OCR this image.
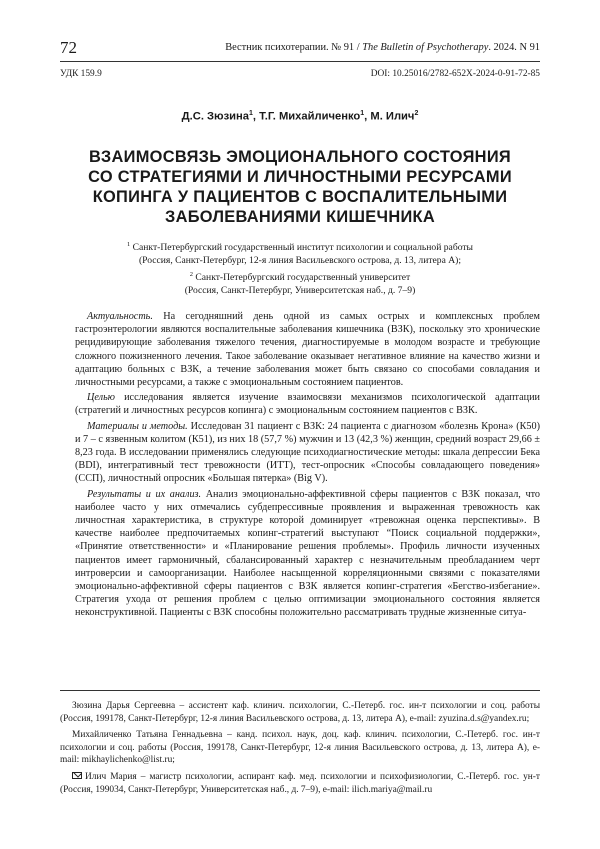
72	Вестник психотерапии. № 91 / The Bulletin of Psychotherapy. 2024. N 91
УДК 159.9	DOI: 10.25016/2782-652X-2024-0-91-72-85
Д.С. Зюзина$^1$, Т.Г. Михайличенко$^1$, М. Илич$^2$
ВЗАИМОСВЯЗЬ ЭМОЦИОНАЛЬНОГО СОСТОЯНИЯ
СО СТРАТЕГИЯМИ И ЛИЧНОСТНЫМИ РЕСУРСАМИ
КОПИНГА У ПАЦИЕНТОВ С ВОСПАЛИТЕЛЬНЫМИ
ЗАБОЛЕВАНИЯМИ КИШЕЧНИКА
$^1$ Санкт-Петербургский государственный институт психологии и социальной работы
(Россия, Санкт-Петербург, 12-я линия Васильевского острова, д. 13, литера А);
$^2$ Санкт-Петербургский государственный университет
(Россия, Санкт-Петербург, Университетская наб., д. 7–9)

Актуальность. На сегодняшний день одной из самых острых и комплексных проблем гастроэнтерологии являются воспалительные заболевания кишечника (ВЗК), поскольку это хронические рецидивирующие заболевания тяжелого течения, диагностируемые в молодом возрасте и требующие сложного пожизненного лечения. Такое заболевание оказывает негативное влияние на качество жизни и адаптацию больных с ВЗК, а течение заболевания может быть связано со способами совладания и личностными ресурсами, а также с эмоциональным состоянием пациентов.

Целью исследования является изучение взаимосвязи механизмов психологической адаптации (стратегий и личностных ресурсов копинга) с эмоциональным состоянием пациентов с ВЗК.

Материалы и методы. Исследован 31 пациент с ВЗК: 24 пациента с диагнозом «болезнь Крона» (К50) и 7 – с язвенным колитом (К51), из них 18 (57,7 %) мужчин и 13 (42,3 %) женщин, средний возраст 29,66 ± 8,23 года. В исследовании применялись следующие психодиагностические методы: шкала депрессии Бека (BDI), интегративный тест тревожности (ИТТ), тест-опросник «Способы совладающего поведения» (ССП), личностный опросник «Большая пятерка» (Big V).

Результаты и их анализ. Анализ эмоционально-аффективной сферы пациентов с ВЗК показал, что наиболее часто у них отмечались субдепрессивные проявления и выраженная тревожность как личностная характеристика, в структуре которой доминирует «тревожная оценка перспективы». В качестве наиболее предпочитаемых копинг-стратегий выступают “Поиск социальной поддержки», «Принятие ответственности» и «Планирование решения проблемы». Профиль личности изученных пациентов имеет гармоничный, сбалансированный характер с незначительным преобладанием черт интроверсии и самоорганизации. Наиболее насыщенной корреляционными связями с показателями эмоционально-аффективной сферы пациентов с ВЗК является копинг-стратегия «Бегство-избегание». Стратегия ухода от решения проблем с целью оптимизации эмоционального состояния является неконструктивной. Пациенты с ВЗК способны положительно рассматривать трудные жизненные ситуа-

Зюзина Дарья Сергеевна – ассистент каф. клинич. психологии, С.-Петерб. гос. ин-т психологии и соц. работы (Россия, 199178, Санкт-Петербург, 12-я линия Васильевского острова, д. 13, литера А), e-mail: zyuzina.d.s@yandex.ru;

Михайличенко Татьяна Геннадьевна – канд. психол. наук, доц. каф. клинич. психологии, С.-Петерб. гос. ин-т психологии и соц. работы (Россия, 199178, Санкт-Петербург, 12-я линия Васильевского острова, д. 13, литера А), e-mail: mikhaylichenko@list.ru;

Илич Мария – магистр психологии, аспирант каф. мед. психологии и психофизиологии, С.-Петерб. гос. ун-т (Россия, 199034, Санкт-Петербург, Университетская наб., д. 7–9), e-mail: ilich.mariya@mail.ru
